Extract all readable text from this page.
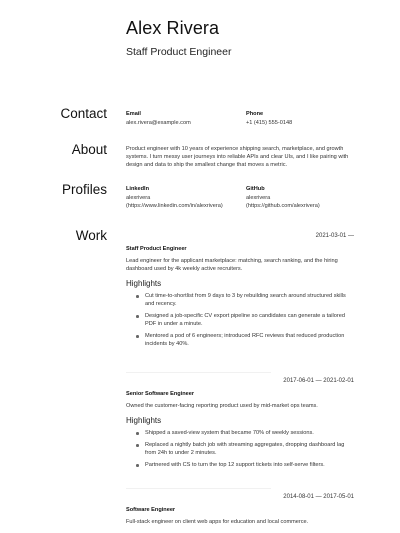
Alex Rivera
Staff Product Engineer
Contact	Email
alex.rivera@example.com
Phone
+1 (415) 555-0148
About	Product engineer with 10 years of experience shipping search, marketplace, and growth systems. I turn messy user journeys into reliable APIs and clear UIs, and I like pairing with design and data to ship the smallest change that moves a metric.
Profiles	LinkedIn
alexrivera
(https://www.linkedin.com/in/alexrivera)
GitHub
alexrivera
(https://github.com/alexrivera)
Work	2021-03-01 —
Staff Product Engineer
Lead engineer for the applicant marketplace: matching, search ranking, and the hiring dashboard used by 4k weekly active recruiters.
Highlights
Cut time-to-shortlist from 9 days to 3 by rebuilding search around structured skills and recency.
Designed a job-specific CV export pipeline so candidates can generate a tailored PDF in under a minute.
Mentored a pod of 6 engineers; introduced RFC reviews that reduced production incidents by 40%.
2017-06-01 — 2021-02-01
Senior Software Engineer
Owned the customer-facing reporting product used by mid-market ops teams.
Highlights
Shipped a saved-view system that became 70% of weekly sessions.
Replaced a nightly batch job with streaming aggregates, dropping dashboard lag from 24h to under 2 minutes.
Partnered with CS to turn the top 12 support tickets into self-serve filters.
2014-08-01 — 2017-05-01
Software Engineer
Full-stack engineer on client web apps for education and local commerce.
